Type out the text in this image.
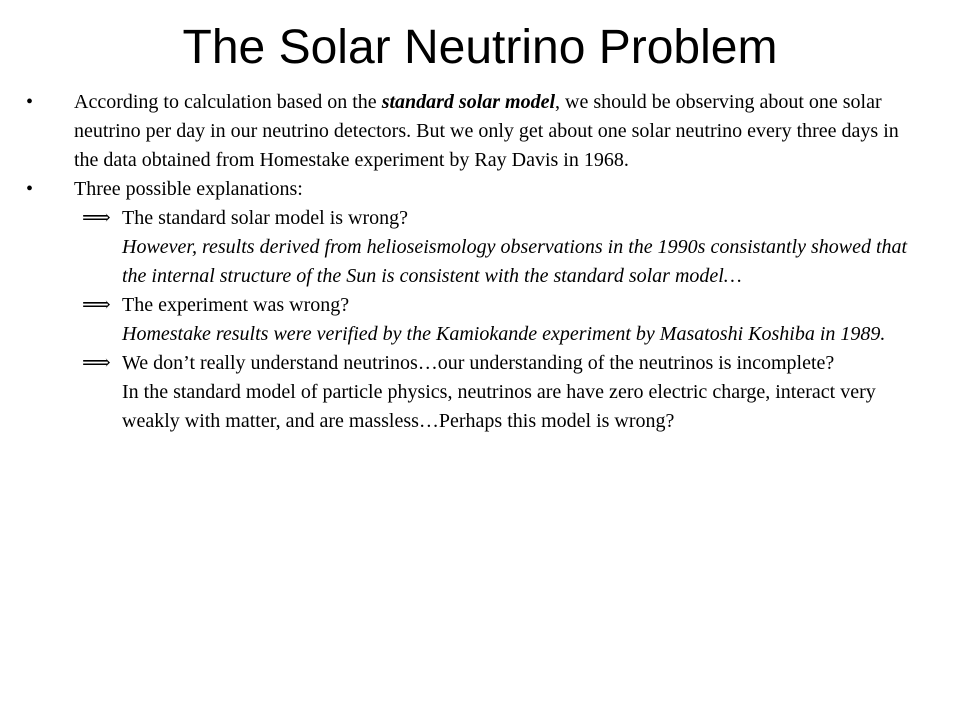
The Solar Neutrino Problem
•	According to calculation based on the standard solar model, we should be observing about one solar neutrino per day in our neutrino detectors. But we only get about one solar neutrino every three days in the data obtained from Homestake experiment by Ray Davis in 1968.
•	Three possible explanations:
⟹ The standard solar model is wrong?
However, results derived from helioseismology observations in the 1990s consistantly showed that the internal structure of the Sun is consistent with the standard solar model…
⟹ The experiment was wrong?
Homestake results were verified by the Kamiokande experiment by Masatoshi Koshiba in 1989.
⟹ We don’t really understand neutrinos…our understanding of the neutrinos is incomplete?
In the standard model of particle physics, neutrinos are have zero electric charge, interact very weakly with matter, and are massless…Perhaps this model is wrong?
